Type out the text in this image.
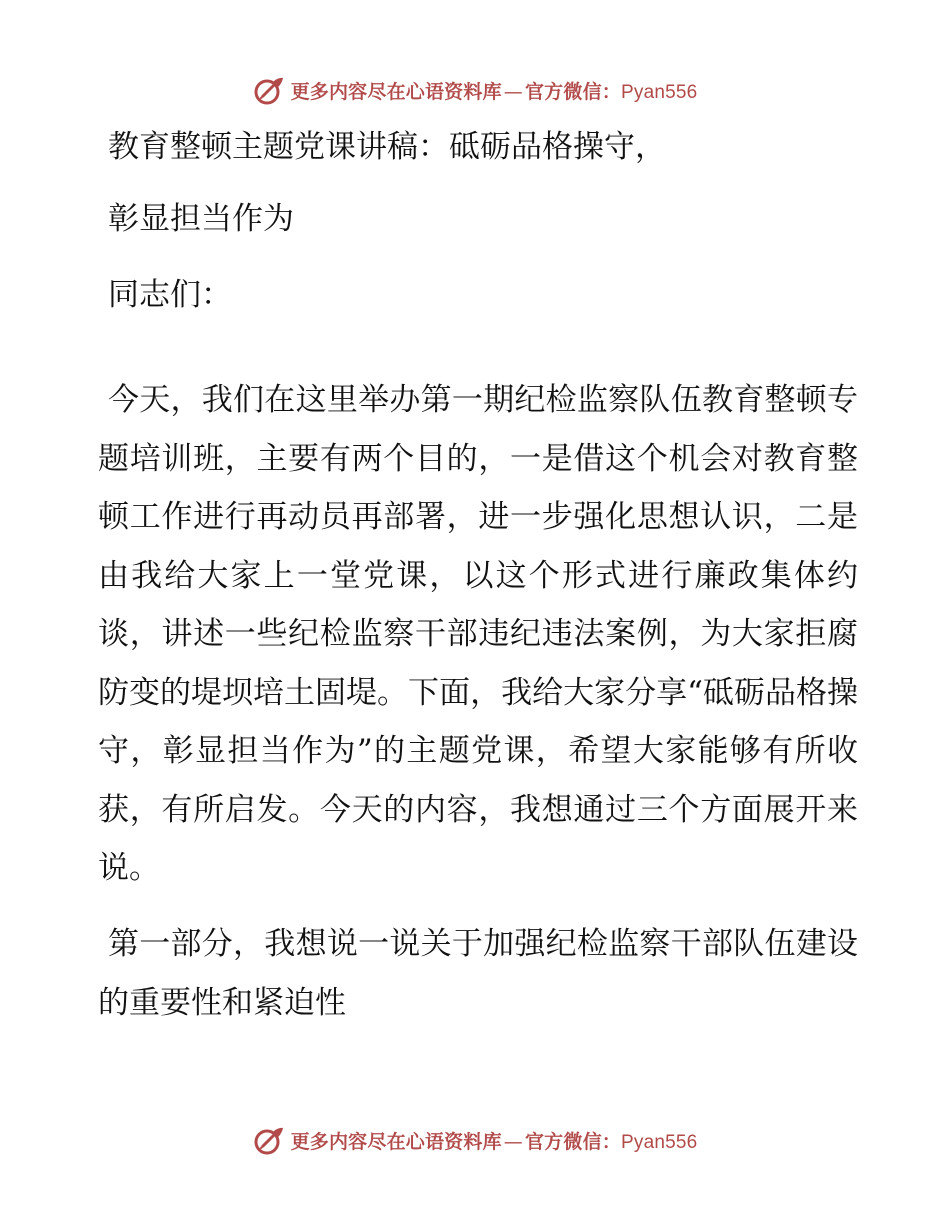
更多内容尽在心语资料库 — 官方微信：Pyan556
教育整顿主题党课讲稿：砥砺品格操守，
彰显担当作为
同志们：

今天，我们在这里举办第一期纪检监察队伍教育整顿专题培训班，主要有两个目的，一是借这个机会对教育整顿工作进行再动员再部署，进一步强化思想认识，二是由我给大家上一堂党课，以这个形式进行廉政集体约谈，讲述一些纪检监察干部违纪违法案例，为大家拒腐防变的堤坝培土固堤。下面，我给大家分享“砥砺品格操守，彰显担当作为”的主题党课，希望大家能够有所收获，有所启发。今天的内容，我想通过三个方面展开来说。

第一部分，我想说一说关于加强纪检监察干部队伍建设的重要性和紧迫性

更多内容尽在心语资料库 — 官方微信：Pyan556
